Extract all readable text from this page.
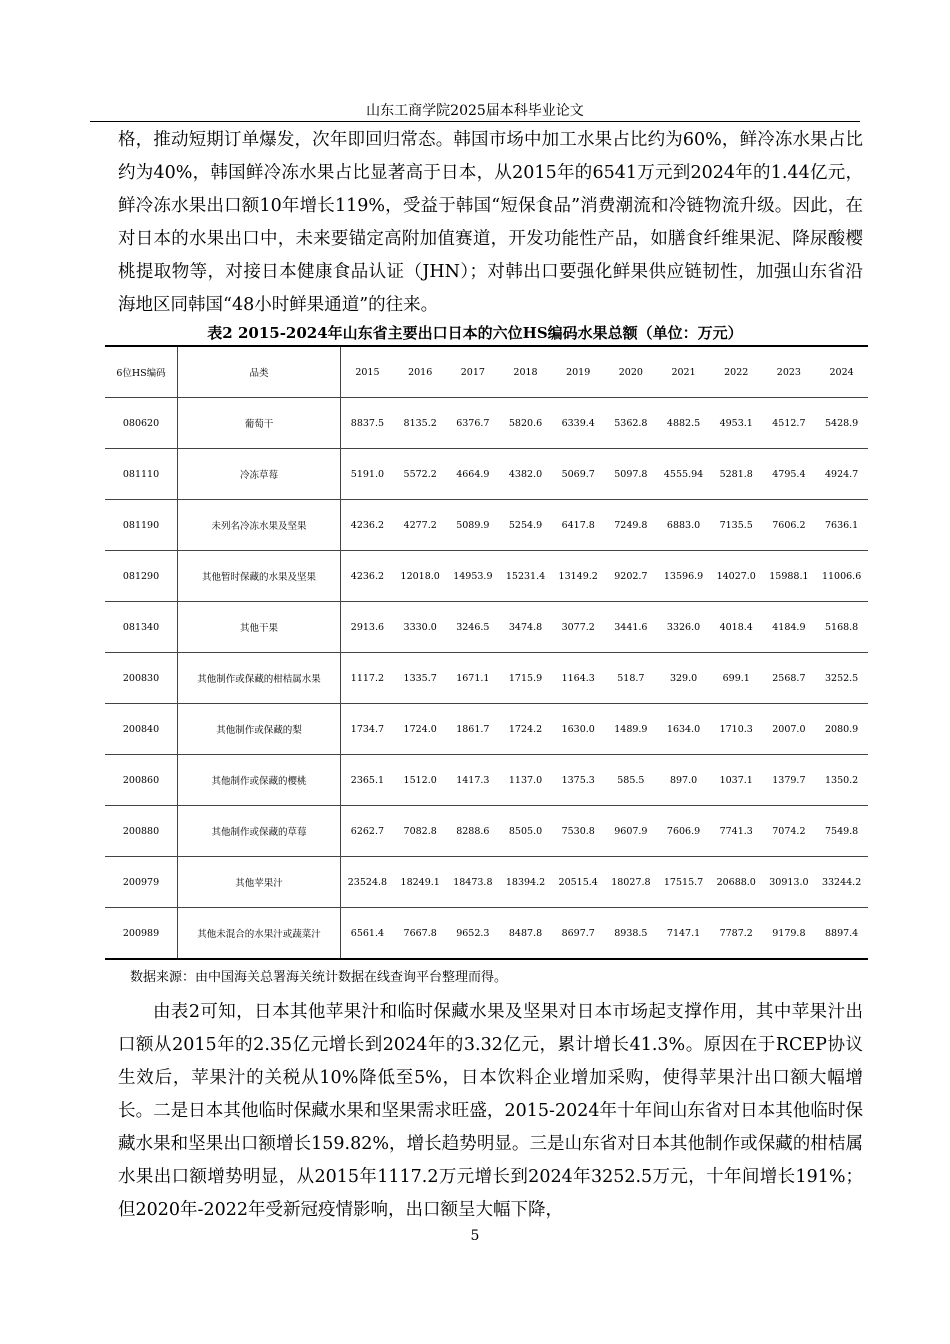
山东工商学院2025届本科毕业论文
格，推动短期订单爆发，次年即回归常态。韩国市场中加工水果占比约为60%，鲜冷冻水果占比约为40%，韩国鲜冷冻水果占比显著高于日本，从2015年的6541万元到2024年的1.44亿元，鲜冷冻水果出口额10年增长119%，受益于韩国“短保食品”消费潮流和冷链物流升级。因此，在对日本的水果出口中，未来要锚定高附加值赛道，开发功能性产品，如膳食纤维果泥、降尿酸樱桃提取物等，对接日本健康食品认证（JHN）；对韩出口要强化鲜果供应链韧性，加强山东省沿海地区同韩国“48小时鲜果通道”的往来。
表2 2015-2024年山东省主要出口日本的六位HS编码水果总额（单位：万元）
6位HS编码	品类	2015	2016	2017	2018	2019	2020	2021	2022	2023	2024
080620	葡萄干	8837.5	8135.2	6376.7	5820.6	6339.4	5362.8	4882.5	4953.1	4512.7	5428.9
081110	冷冻草莓	5191.0	5572.2	4664.9	4382.0	5069.7	5097.8	4555.94	5281.8	4795.4	4924.7
081190	未列名冷冻水果及坚果	4236.2	4277.2	5089.9	5254.9	6417.8	7249.8	6883.0	7135.5	7606.2	7636.1
081290	其他暂时保藏的水果及坚果	4236.2	12018.0	14953.9	15231.4	13149.2	9202.7	13596.9	14027.0	15988.1	11006.6
081340	其他干果	2913.6	3330.0	3246.5	3474.8	3077.2	3441.6	3326.0	4018.4	4184.9	5168.8
200830	其他制作或保藏的柑桔属水果	1117.2	1335.7	1671.1	1715.9	1164.3	518.7	329.0	699.1	2568.7	3252.5
200840	其他制作或保藏的梨	1734.7	1724.0	1861.7	1724.2	1630.0	1489.9	1634.0	1710.3	2007.0	2080.9
200860	其他制作或保藏的樱桃	2365.1	1512.0	1417.3	1137.0	1375.3	585.5	897.0	1037.1	1379.7	1350.2
200880	其他制作或保藏的草莓	6262.7	7082.8	8288.6	8505.0	7530.8	9607.9	7606.9	7741.3	7074.2	7549.8
200979	其他苹果汁	23524.8	18249.1	18473.8	18394.2	20515.4	18027.8	17515.7	20688.0	30913.0	33244.2
200989	其他未混合的水果汁或蔬菜汁	6561.4	7667.8	9652.3	8487.8	8697.7	8938.5	7147.1	7787.2	9179.8	8897.4
数据来源：由中国海关总署海关统计数据在线查询平台整理而得。
由表2可知，日本其他苹果汁和临时保藏水果及坚果对日本市场起支撑作用，其中苹果汁出口额从2015年的2.35亿元增长到2024年的3.32亿元，累计增长41.3%。原因在于RCEP协议生效后，苹果汁的关税从10%降低至5%，日本饮料企业增加采购，使得苹果汁出口额大幅增长。二是日本其他临时保藏水果和坚果需求旺盛，2015-2024年十年间山东省对日本其他临时保藏水果和坚果出口额增长159.82%，增长趋势明显。三是山东省对日本其他制作或保藏的柑桔属水果出口额增势明显，从2015年1117.2万元增长到2024年3252.5万元，十年间增长191%；但2020年-2022年受新冠疫情影响，出口额呈大幅下降，
5
